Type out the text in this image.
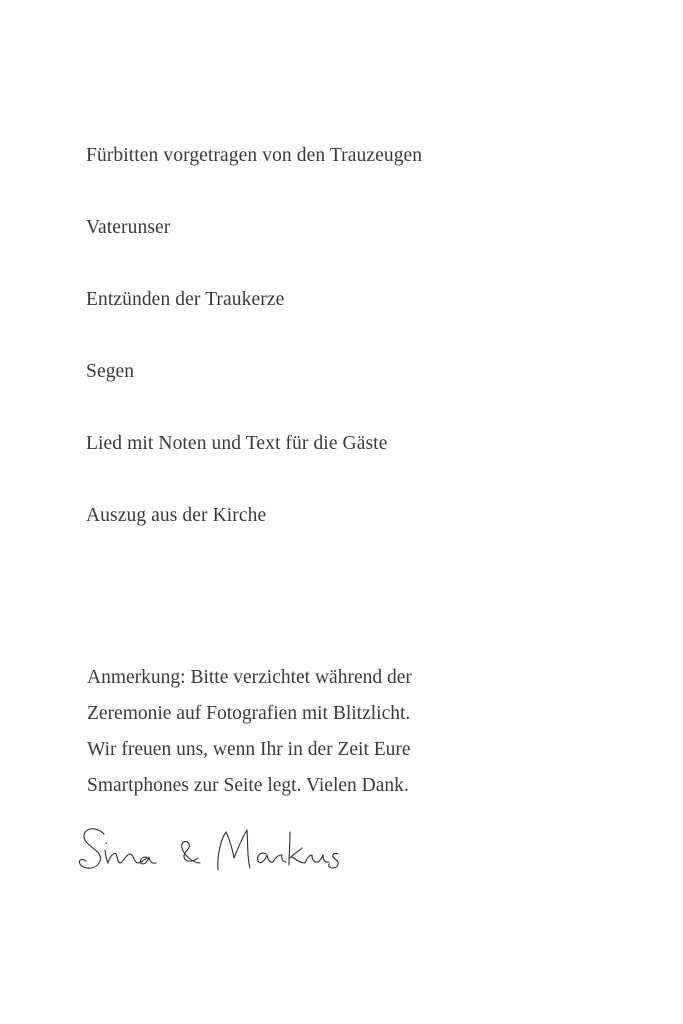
Fürbitten vorgetragen von den Trauzeugen

Vaterunser

Entzünden der Traukerze

Segen

Lied mit Noten und Text für die Gäste

Auszug aus der Kirche

Anmerkung: Bitte verzichtet während der
Zeremonie auf Fotografien mit Blitzlicht.
Wir freuen uns, wenn Ihr in der Zeit Eure
Smartphones zur Seite legt. Vielen Dank.
